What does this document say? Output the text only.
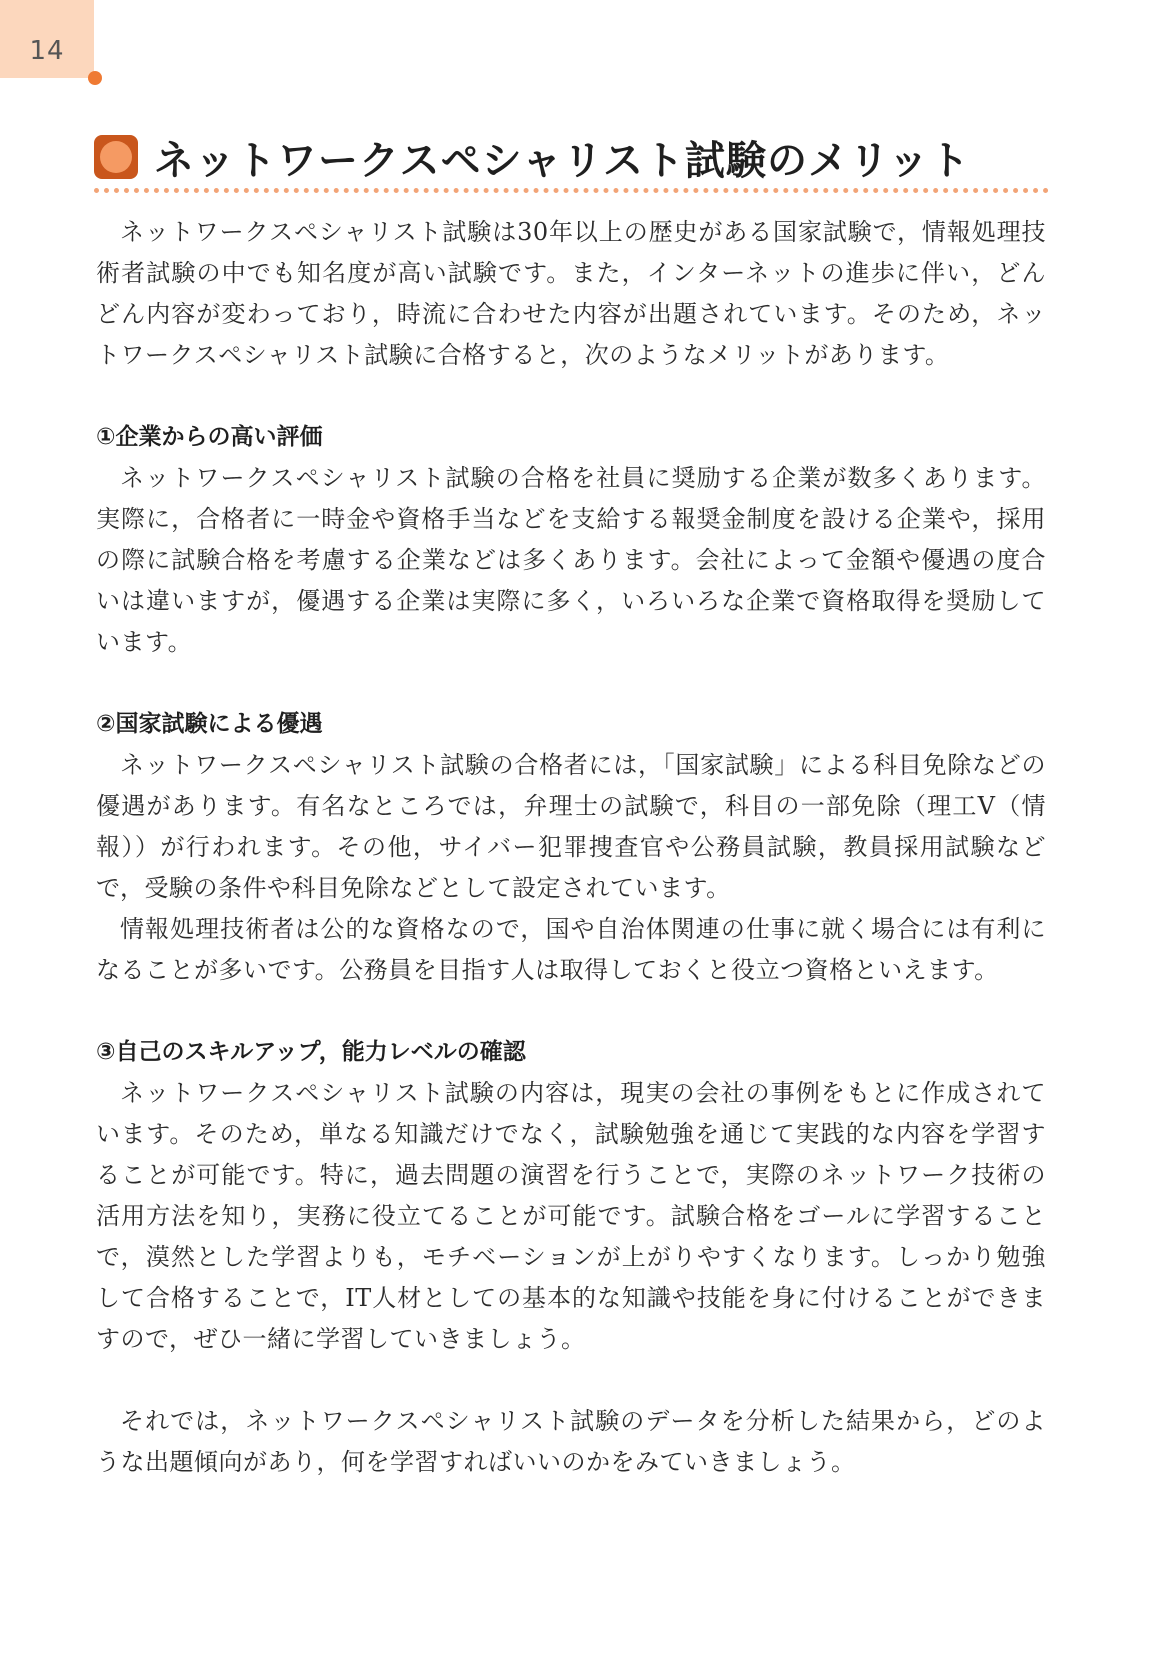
14
ネットワークスペシャリスト試験のメリット

ネットワークスペシャリスト試験は30年以上の歴史がある国家試験で，情報処理技術者試験の中でも知名度が高い試験です。また，インターネットの進歩に伴い，どんどん内容が変わっており，時流に合わせた内容が出題されています。そのため，ネットワークスペシャリスト試験に合格すると，次のようなメリットがあります。

①企業からの高い評価

ネットワークスペシャリスト試験の合格を社員に奨励する企業が数多くあります。実際に，合格者に一時金や資格手当などを支給する報奨金制度を設ける企業や，採用の際に試験合格を考慮する企業などは多くあります。会社によって金額や優遇の度合いは違いますが，優遇する企業は実際に多く，いろいろな企業で資格取得を奨励しています。

②国家試験による優遇

ネットワークスペシャリスト試験の合格者には，「国家試験」による科目免除などの優遇があります。有名なところでは，弁理士の試験で，科目の一部免除（理工Ⅴ（情報））が行われます。その他，サイバー犯罪捜査官や公務員試験，教員採用試験などで，受験の条件や科目免除などとして設定されています。

情報処理技術者は公的な資格なので，国や自治体関連の仕事に就く場合には有利になることが多いです。公務員を目指す人は取得しておくと役立つ資格といえます。

③自己のスキルアップ，能力レベルの確認

ネットワークスペシャリスト試験の内容は，現実の会社の事例をもとに作成されています。そのため，単なる知識だけでなく，試験勉強を通じて実践的な内容を学習することが可能です。特に，過去問題の演習を行うことで，実際のネットワーク技術の活用方法を知り，実務に役立てることが可能です。試験合格をゴールに学習することで，漠然とした学習よりも，モチベーションが上がりやすくなります。しっかり勉強して合格することで，IT人材としての基本的な知識や技能を身に付けることができますので，ぜひ一緒に学習していきましょう。

それでは，ネットワークスペシャリスト試験のデータを分析した結果から，どのような出題傾向があり，何を学習すればいいのかをみていきましょう。
